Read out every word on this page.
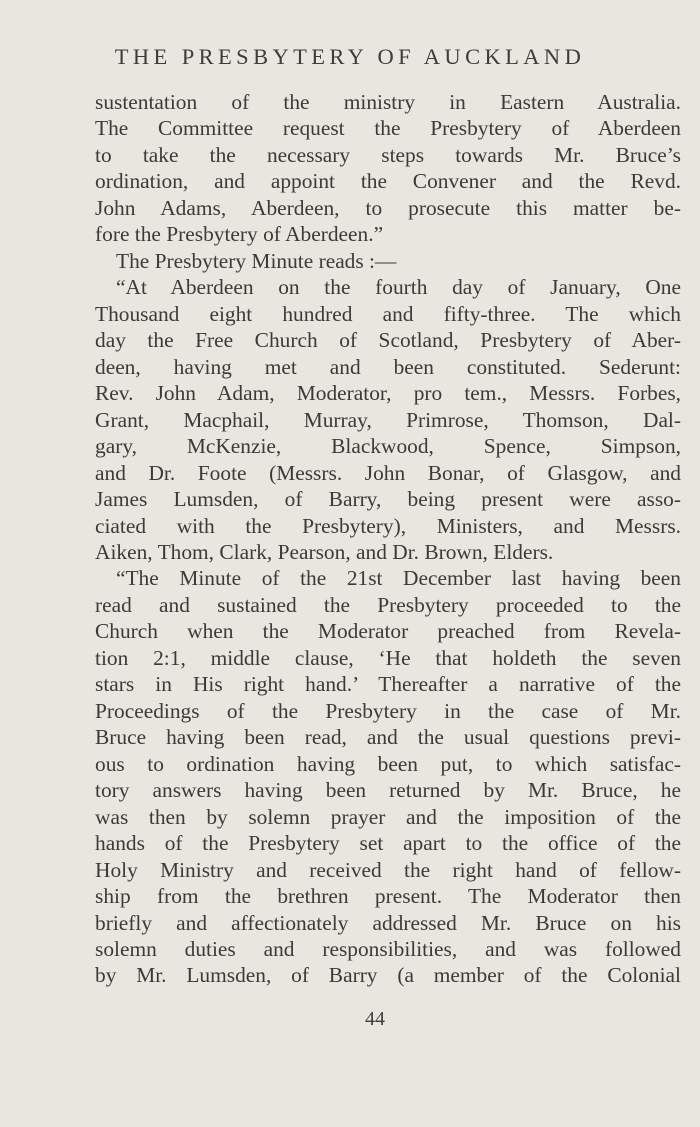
THE PRESBYTERY OF AUCKLAND
sustentation of the ministry in Eastern Australia.
The Committee request the Presbytery of Aberdeen
to take the necessary steps towards Mr. Bruce’s
ordination, and appoint the Convener and the Revd.
John Adams, Aberdeen, to prosecute this matter be-
fore the Presbytery of Aberdeen.”
The Presbytery Minute reads :—
“At Aberdeen on the fourth day of January, One
Thousand eight hundred and fifty-three. The which
day the Free Church of Scotland, Presbytery of Aber-
deen, having met and been constituted. Sederunt:
Rev. John Adam, Moderator, pro tem., Messrs. Forbes,
Grant, Macphail, Murray, Primrose, Thomson, Dal-
gary, McKenzie, Blackwood, Spence, Simpson,
and Dr. Foote (Messrs. John Bonar, of Glasgow, and
James Lumsden, of Barry, being present were asso-
ciated with the Presbytery), Ministers, and Messrs.
Aiken, Thom, Clark, Pearson, and Dr. Brown, Elders.
“The Minute of the 21st December last having been
read and sustained the Presbytery proceeded to the
Church when the Moderator preached from Revela-
tion 2:1, middle clause, ‘He that holdeth the seven
stars in His right hand.’ Thereafter a narrative of the
Proceedings of the Presbytery in the case of Mr.
Bruce having been read, and the usual questions previ-
ous to ordination having been put, to which satisfac-
tory answers having been returned by Mr. Bruce, he
was then by solemn prayer and the imposition of the
hands of the Presbytery set apart to the office of the
Holy Ministry and received the right hand of fellow-
ship from the brethren present. The Moderator then
briefly and affectionately addressed Mr. Bruce on his
solemn duties and responsibilities, and was followed
by Mr. Lumsden, of Barry (a member of the Colonial
44
